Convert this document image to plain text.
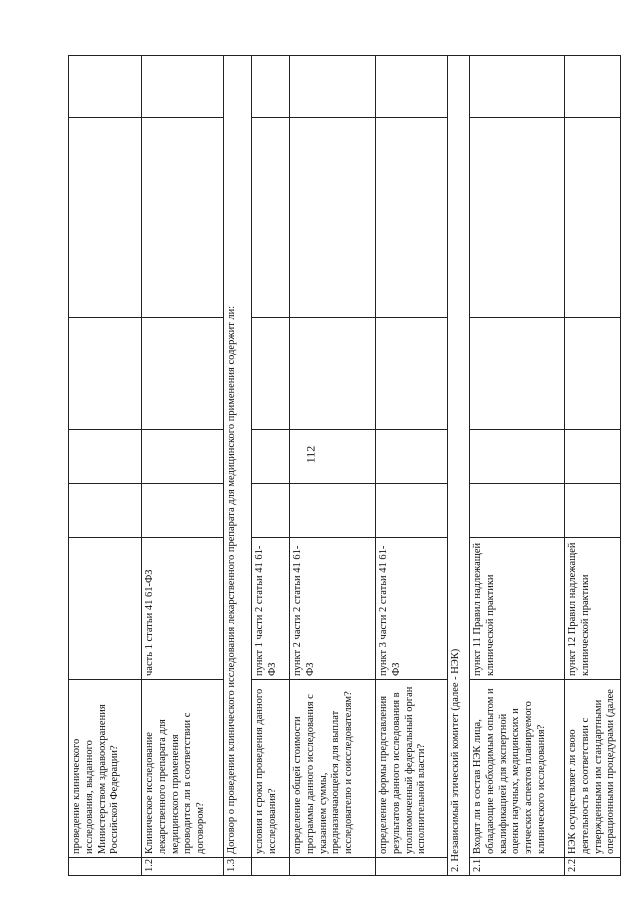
112
	проведение клинического исследования, выданного Министерством здравоохранения Российской Федерации?						
1.2	Клиническое исследование лекарственного препарата для медицинского применения проводится ли в соответствии с договором?	часть 1 статьи 41 61-ФЗ					
1.3	Договор о проведении клинического исследования лекарственного препарата для медицинского применения содержит ли:						
	условия и сроки проведения данного исследования?	пункт 1 части 2 статьи 41 61-ФЗ					
	определение общей стоимости программы данного исследования с указанием суммы, предназначающейся для выплат исследователю и соисследователям?	пункт 2 части 2 статьи 41 61-ФЗ					
	определение формы представления результатов данного исследования в уполномоченный федеральный орган исполнительной власти?	пункт 3 части 2 статьи 41 61-ФЗ					
2. Независимый этический комитет (далее - НЭК)							
2.1	Входят ли в состав НЭК лица, обладающие необходимым опытом и квалификацией для экспертной оценки научных, медицинских и этических аспектов планируемого клинического исследования?	пункт 11 Правил надлежащей клинической практики					
2.2	НЭК осуществляет ли свою деятельность в соответствии с утвержденными им стандартными операционными процедурами (далее	пункт 12 Правил надлежащей клинической практики					
